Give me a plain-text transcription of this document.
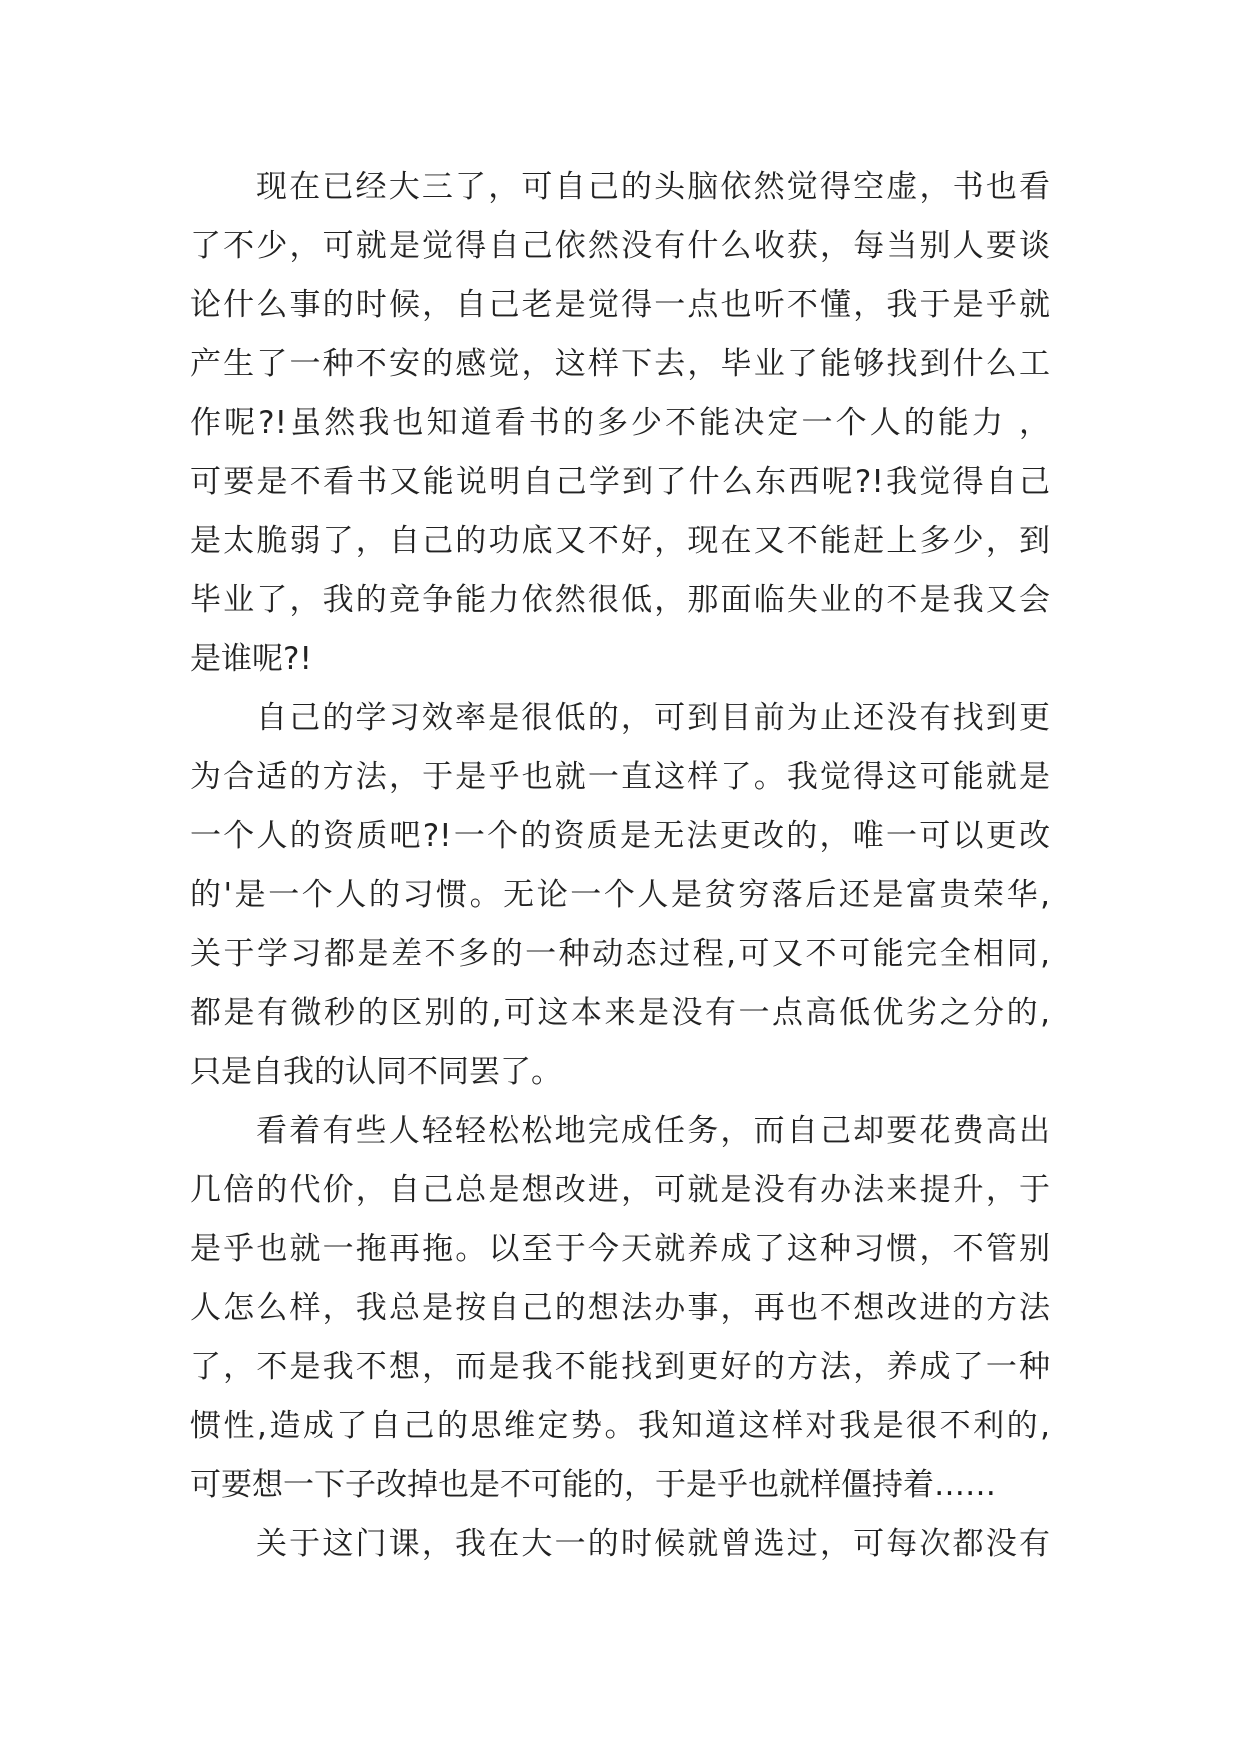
现在已经大三了，可自己的头脑依然觉得空虚，书也看
了不少，可就是觉得自己依然没有什么收获，每当别人要谈
论什么事的时候，自己老是觉得一点也听不懂，我于是乎就
产生了一种不安的感觉，这样下去，毕业了能够找到什么工
作呢?!虽然我也知道看书的多少不能决定一个人的能力 ，
可要是不看书又能说明自己学到了什么东西呢?!我觉得自己
是太脆弱了，自己的功底又不好，现在又不能赶上多少，到
毕业了，我的竞争能力依然很低，那面临失业的不是我又会
是谁呢?!
自己的学习效率是很低的，可到目前为止还没有找到更
为合适的方法，于是乎也就一直这样了。我觉得这可能就是
一个人的资质吧?!一个的资质是无法更改的，唯一可以更改
的'是一个人的习惯。无论一个人是贫穷落后还是富贵荣华,
关于学习都是差不多的一种动态过程,可又不可能完全相同,
都是有微秒的区别的,可这本来是没有一点高低优劣之分的,
只是自我的认同不同罢了。
看着有些人轻轻松松地完成任务，而自己却要花费高出
几倍的代价，自己总是想改进，可就是没有办法来提升，于
是乎也就一拖再拖。以至于今天就养成了这种习惯，不管别
人怎么样，我总是按自己的想法办事，再也不想改进的方法
了，不是我不想，而是我不能找到更好的方法，养成了一种
惯性,造成了自己的思维定势。我知道这样对我是很不利的,
可要想一下子改掉也是不可能的，于是乎也就样僵持着……
关于这门课，我在大一的时候就曾选过，可每次都没有
